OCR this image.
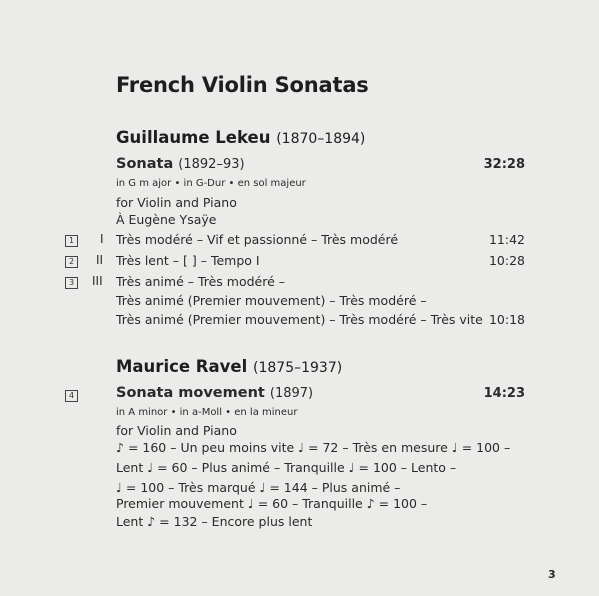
French Violin Sonatas
Guillaume Lekeu (1870–1894)
Sonata (1892–93)	32:28
in G m ajor • in G-Dur • en sol majeur
for Violin and Piano
À Eugène Ysaÿe
1	I Très modéré – Vif et passionné – Très modéré	11:42
2	II Très lent – [ ] – Tempo I	10:28
3	III Très animé – Très modéré –
Très animé (Premier mouvement) – Très modéré –
Très animé (Premier mouvement) – Très modéré – Très vite 10:18
Maurice Ravel (1875–1937)
4	Sonata movement (1897)	14:23
in A minor • in a-Moll • en la mineur
for Violin and Piano
♪ = 160 – Un peu moins vite ♩ = 72 – Très en mesure ♩ = 100 –
Lent ♩ = 60 – Plus animé – Tranquille ♩ = 100 – Lento –
♩ = 100 – Très marqué ♩ = 144 – Plus animé –
Premier mouvement ♩ = 60 – Tranquille ♪ = 100 –
Lent ♪ = 132 – Encore plus lent
3
